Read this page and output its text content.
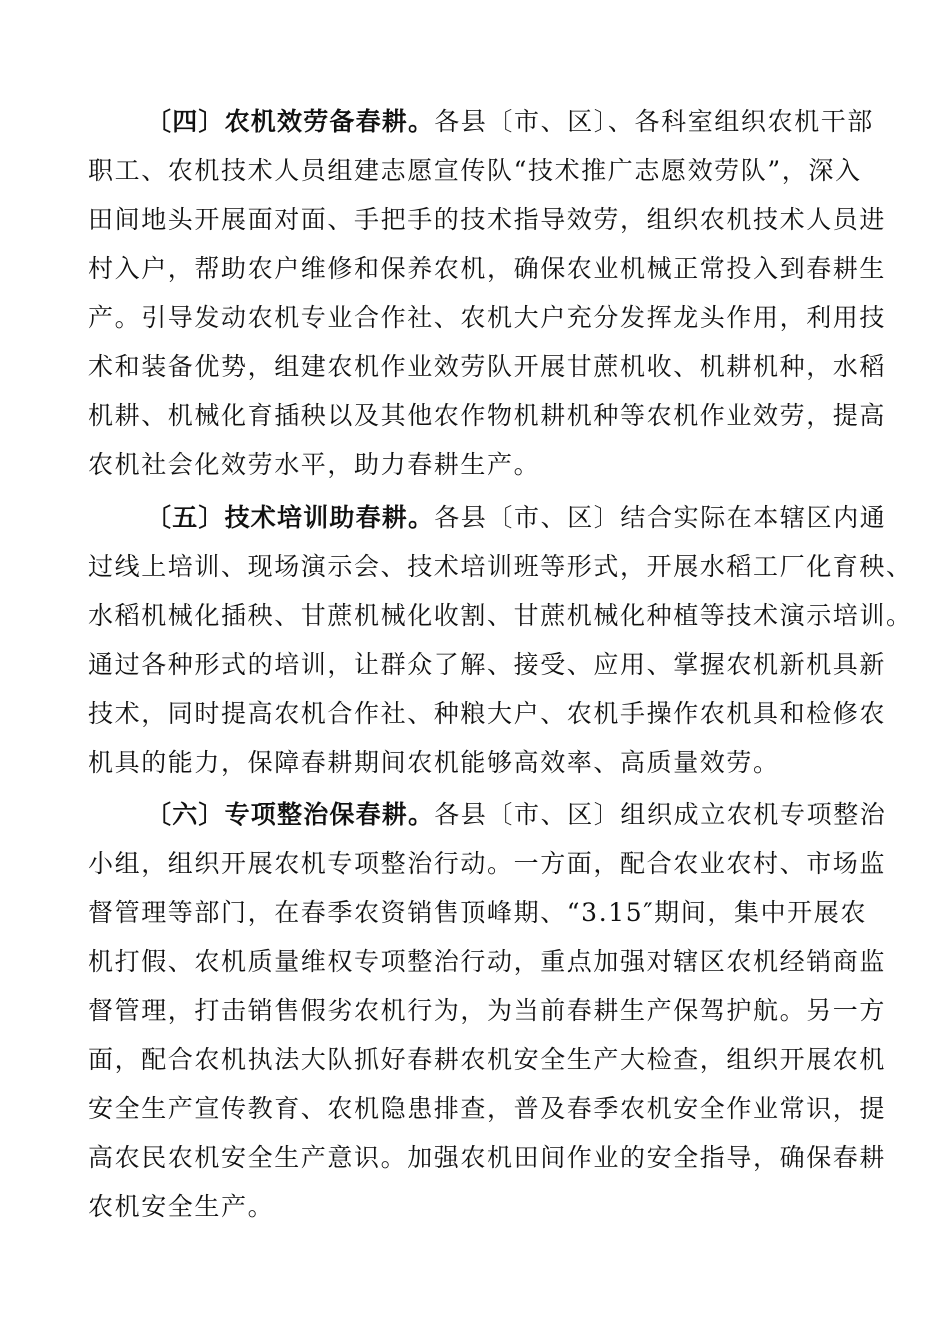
〔四〕农机效劳备春耕。各县〔市、区〕、各科室组织农机干部
职工、农机技术人员组建志愿宣传队“技术推广志愿效劳队”，深入
田间地头开展面对面、手把手的技术指导效劳，组织农机技术人员进
村入户，帮助农户维修和保养农机，确保农业机械正常投入到春耕生
产。引导发动农机专业合作社、农机大户充分发挥龙头作用，利用技
术和装备优势，组建农机作业效劳队开展甘蔗机收、机耕机种，水稻
机耕、机械化育插秧以及其他农作物机耕机种等农机作业效劳，提高
农机社会化效劳水平，助力春耕生产。
〔五〕技术培训助春耕。各县〔市、区〕结合实际在本辖区内通
过线上培训、现场演示会、技术培训班等形式，开展水稻工厂化育秧、
水稻机械化插秧、甘蔗机械化收割、甘蔗机械化种植等技术演示培训。
通过各种形式的培训，让群众了解、接受、应用、掌握农机新机具新
技术，同时提高农机合作社、种粮大户、农机手操作农机具和检修农
机具的能力，保障春耕期间农机能够高效率、高质量效劳。
〔六〕专项整治保春耕。各县〔市、区〕组织成立农机专项整治
小组，组织开展农机专项整治行动。一方面，配合农业农村、市场监
督管理等部门，在春季农资销售顶峰期、“3.15″期间，集中开展农
机打假、农机质量维权专项整治行动，重点加强对辖区农机经销商监
督管理，打击销售假劣农机行为，为当前春耕生产保驾护航。另一方
面，配合农机执法大队抓好春耕农机安全生产大检查，组织开展农机
安全生产宣传教育、农机隐患排查，普及春季农机安全作业常识，提
高农民农机安全生产意识。加强农机田间作业的安全指导，确保春耕
农机安全生产。
